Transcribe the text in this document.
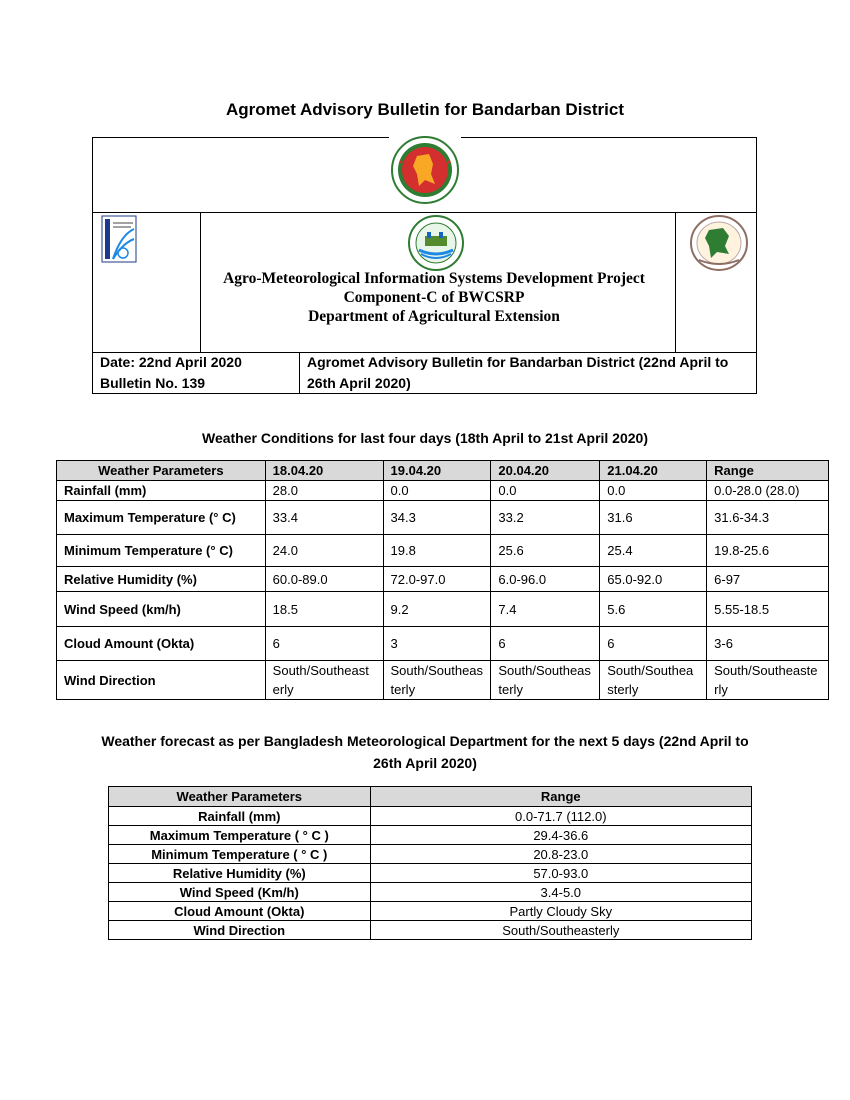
Agromet Advisory Bulletin for Bandarban District
Agro-Meteorological Information Systems Development Project
Component-C of BWCSRP
Department of Agricultural Extension
Date: 22nd April 2020
Bulletin No. 139
Agromet Advisory Bulletin for Bandarban District (22nd April to 26th April 2020)
Weather Conditions for last four days (18th April to 21st April 2020)
Weather Parameters	18.04.20	19.04.20	20.04.20	21.04.20	Range
Rainfall (mm)	28.0	0.0	0.0	0.0	0.0-28.0 (28.0)
Maximum Temperature (° C)	33.4	34.3	33.2	31.6	31.6-34.3
Minimum Temperature (° C)	24.0	19.8	25.6	25.4	19.8-25.6
Relative Humidity (%)	60.0-89.0	72.0-97.0	6.0-96.0	65.0-92.0	6-97
Wind Speed (km/h)	18.5	9.2	7.4	5.6	5.55-18.5
Cloud Amount (Okta)	6	3	6	6	3-6
Wind Direction	South/Southeasterly	South/Southeasterly	South/Southeasterly	South/Southeasterly	South/Southeasterly
Weather forecast as per Bangladesh Meteorological Department for the next 5 days (22nd April to 26th April 2020)
Weather Parameters	Range
Rainfall (mm)	0.0-71.7 (112.0)
Maximum Temperature ( ° C )	29.4-36.6
Minimum Temperature ( ° C )	20.8-23.0
Relative Humidity (%)	57.0-93.0
Wind Speed (Km/h)	3.4-5.0
Cloud Amount (Okta)	Partly Cloudy Sky
Wind Direction	South/Southeasterly
